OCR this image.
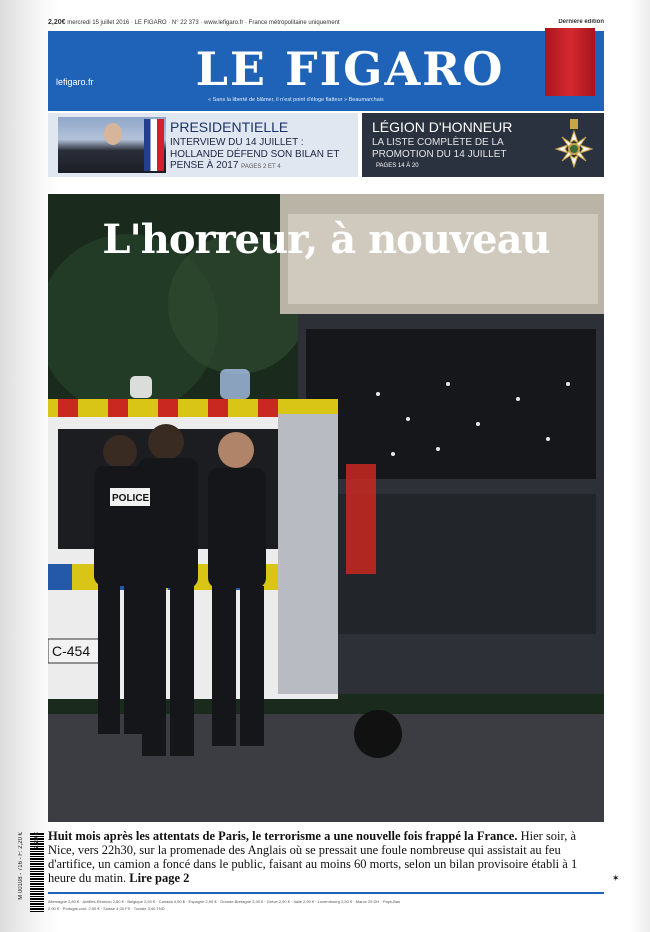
2,20€ mercredi 15 juillet 2016 · LE FIGARO · N° 22 373 · www.lefigaro.fr · France métropolitaine uniquement	Dernière édition
lefigaro.fr	LE FIGARO
« Sans la liberté de blâmer, il n'est point d'éloge flatteur » Beaumarchais
PRESIDENTIELLE
INTERVIEW DU 14 JUILLET : HOLLANDE DÉFEND SON BILAN ET PENSE À 2017 PAGES 2 ET 4
LÉGION D'HONNEUR
LA LISTE COMPLÈTE DE LA PROMOTION DU 14 JUILLET
PAGES 14 À 20
C-454
POLICE
L'horreur, à nouveau
Huit mois après les attentats de Paris, le terrorisme a une nouvelle fois frappé la France. Hier soir, à Nice, vers 22h30, sur la promenade des Anglais où se pressait une foule nombreuse qui assistait au feu d'artifice, un camion a foncé dans le public, faisant au moins 60 morts, selon un bilan provisoire établi à 1 heure du matin. Lire page 2
M 00108 - 716 - F: 2,20 € 2,20 €
Allemagne 2,80 € · Antilles-Réunion 2,80 € · Belgique 2,50 € · Canada 4,50 $ · Espagne 2,90 € · Grande-Bretagne 2,30 £ · Grèce 2,90 € · Italie 2,90 € · Luxembourg 2,50 € · Maroc 25 DH · Pays-Bas 2,90 € · Portugal cont. 2,90 € · Suisse 4,00 FS · Tunisie 3,90 TND
✶
